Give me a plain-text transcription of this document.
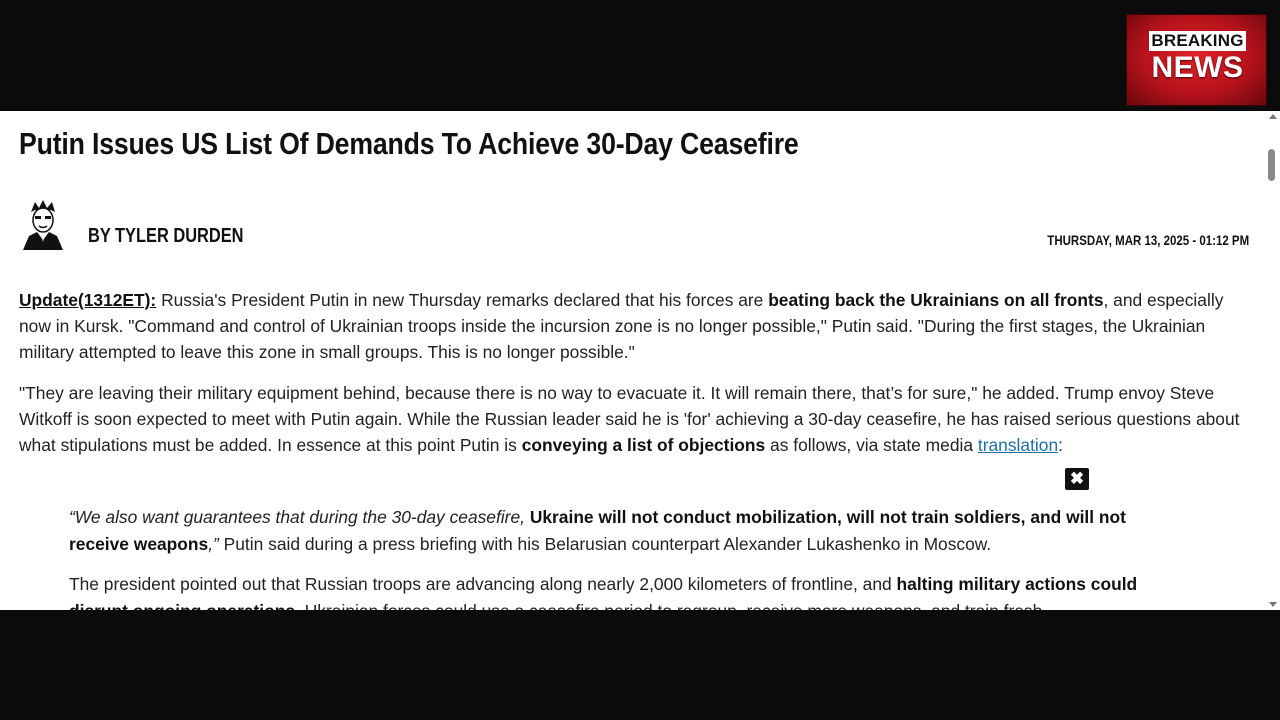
BREAKING
NEWS
Putin Issues US List Of Demands To Achieve 30-Day Ceasefire
BY TYLER DURDEN	THURSDAY, MAR 13, 2025 - 01:12 PM
Update(1312ET): Russia's President Putin in new Thursday remarks declared that his forces are beating back the Ukrainians on all fronts, and especially now in Kursk. "Command and control of Ukrainian troops inside the incursion zone is no longer possible," Putin said. "During the first stages, the Ukrainian military attempted to leave this zone in small groups. This is no longer possible."
"They are leaving their military equipment behind, because there is no way to evacuate it. It will remain there, that’s for sure," he added. Trump envoy Steve Witkoff is soon expected to meet with Putin again. While the Russian leader said he is 'for' achieving a 30-day ceasefire, he has raised serious questions about what stipulations must be added. In essence at this point Putin is conveying a list of objections as follows, via state media translation:
✖
“We also want guarantees that during the 30-day ceasefire, Ukraine will not conduct mobilization, will not train soldiers, and will not receive weapons,” Putin said during a press briefing with his Belarusian counterpart Alexander Lukashenko in Moscow.
The president pointed out that Russian troops are advancing along nearly 2,000 kilometers of frontline, and halting military actions could
